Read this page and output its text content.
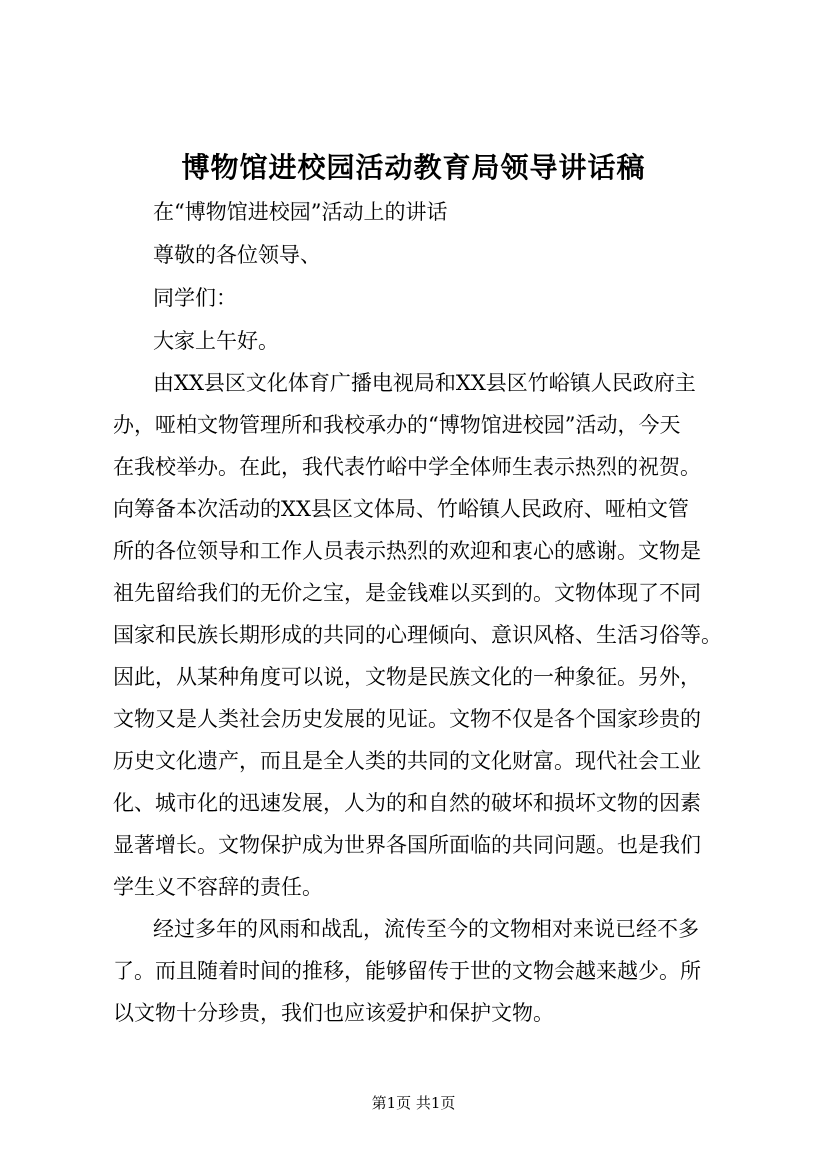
博物馆进校园活动教育局领导讲话稿
在“博物馆进校园”活动上的讲话
尊敬的各位领导、
同学们：
大家上午好。
由XX县区文化体育广播电视局和XX县区竹峪镇人民政府主
办，哑柏文物管理所和我校承办的“博物馆进校园”活动，今天
在我校举办。在此，我代表竹峪中学全体师生表示热烈的祝贺。
向筹备本次活动的XX县区文体局、竹峪镇人民政府、哑柏文管
所的各位领导和工作人员表示热烈的欢迎和衷心的感谢。文物是
祖先留给我们的无价之宝，是金钱难以买到的。文物体现了不同
国家和民族长期形成的共同的心理倾向、意识风格、生活习俗等。
因此，从某种角度可以说，文物是民族文化的一种象征。另外，
文物又是人类社会历史发展的见证。文物不仅是各个国家珍贵的
历史文化遗产，而且是全人类的共同的文化财富。现代社会工业
化、城市化的迅速发展，人为的和自然的破坏和损坏文物的因素
显著增长。文物保护成为世界各国所面临的共同问题。也是我们
学生义不容辞的责任。
经过多年的风雨和战乱，流传至今的文物相对来说已经不多
了。而且随着时间的推移，能够留传于世的文物会越来越少。所
以文物十分珍贵，我们也应该爱护和保护文物。
第1页 共1页
